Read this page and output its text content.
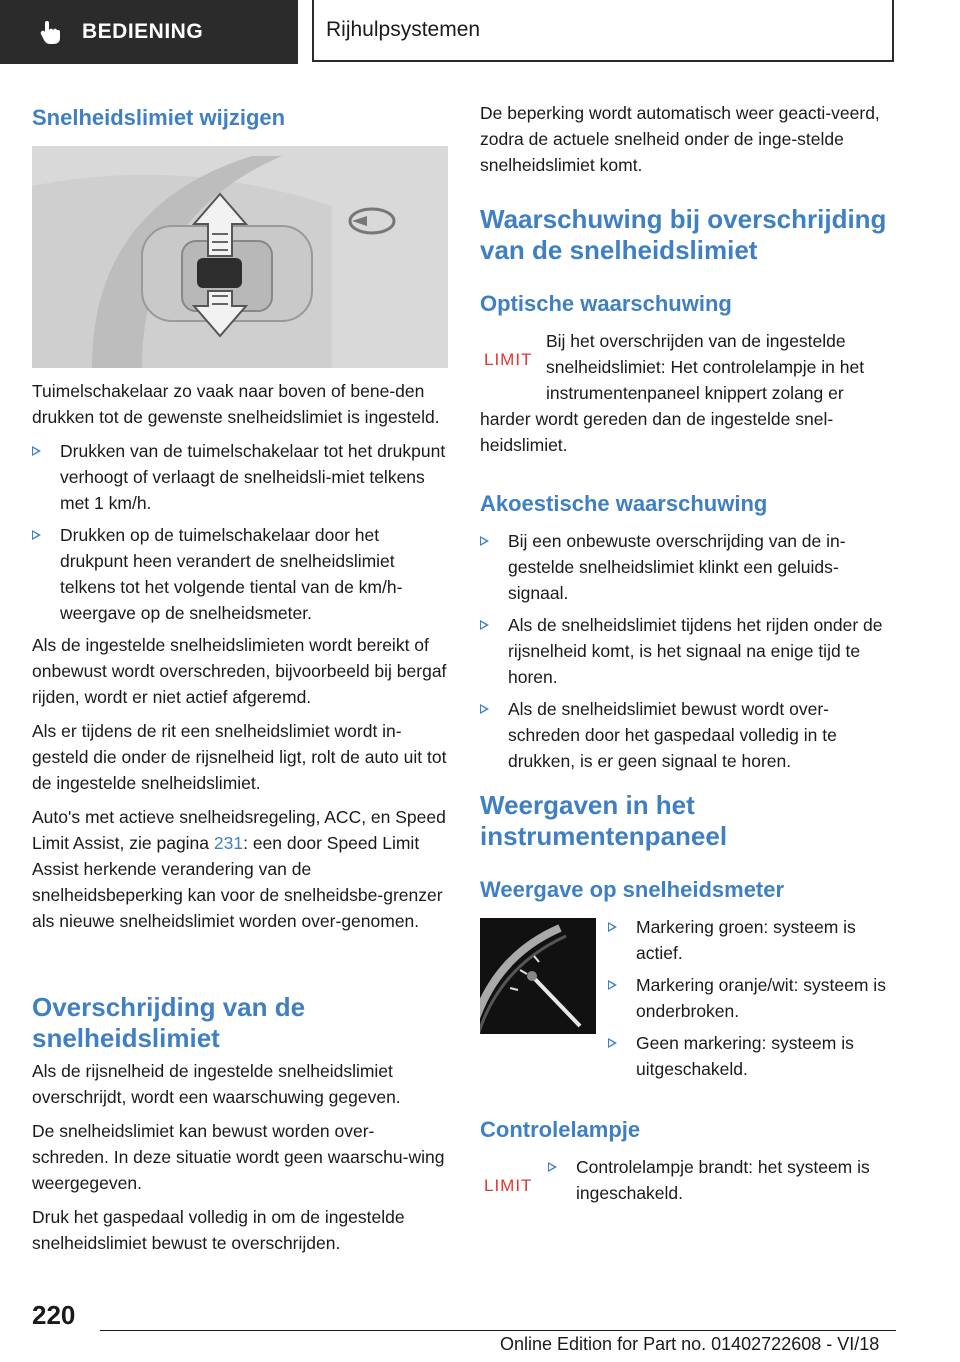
BEDIENING	Rijhulpsystemen
Snelheidslimiet wijzigen

Tuimelschakelaar zo vaak naar boven of bene-den drukken tot de gewenste snelheidslimiet is ingesteld.

Drukken van de tuimelschakelaar tot het drukpunt verhoogt of verlaagt de snelheidsli-miet telkens met 1 km/h.
Drukken op de tuimelschakelaar door het drukpunt heen verandert de snelheidslimiet telkens tot het volgende tiental van de km/h-weergave op de snelheidsmeter.

Als de ingestelde snelheidslimieten wordt bereikt of onbewust wordt overschreden, bijvoorbeeld bij bergaf rijden, wordt er niet actief afgeremd.

Als er tijdens de rit een snelheidslimiet wordt in-gesteld die onder de rijsnelheid ligt, rolt de auto uit tot de ingestelde snelheidslimiet.

Auto's met actieve snelheidsregeling, ACC, en Speed Limit Assist, zie pagina 231: een door Speed Limit Assist herkende verandering van de snelheidsbeperking kan voor de snelheidsbe-grenzer als nieuwe snelheidslimiet worden over-genomen.

Overschrijding van de snelheidslimiet

Als de rijsnelheid de ingestelde snelheidslimiet overschrijdt, wordt een waarschuwing gegeven.

De snelheidslimiet kan bewust worden over-schreden. In deze situatie wordt geen waarschu-wing weergegeven.

Druk het gaspedaal volledig in om de ingestelde snelheidslimiet bewust te overschrijden.

De beperking wordt automatisch weer geacti-veerd, zodra de actuele snelheid onder de inge-stelde snelheidslimiet komt.

Waarschuwing bij overschrijding van de snelheidslimiet
Optische waarschuwing
LIMIT

Bij het overschrijden van de ingestelde snelheidslimiet: Het controlelampje in het instrumentenpaneel knippert zolang er harder wordt gereden dan de ingestelde snel-heidslimiet.

Akoestische waarschuwing
Bij een onbewuste overschrijding van de in-gestelde snelheidslimiet klinkt een geluids-signaal.
Als de snelheidslimiet tijdens het rijden onder de rijsnelheid komt, is het signaal na enige tijd te horen.
Als de snelheidslimiet bewust wordt over-schreden door het gaspedaal volledig in te drukken, is er geen signaal te horen.
Weergaven in het instrumentenpaneel
Weergave op snelheidsmeter
Markering groen: systeem is actief.
Markering oranje/wit: systeem is onderbroken.
Geen markering: systeem is uitgeschakeld.
Controlelampje
LIMIT
Controlelampje brandt: het systeem is ingeschakeld.
220
Online Edition for Part no. 01402722608 - VI/18
